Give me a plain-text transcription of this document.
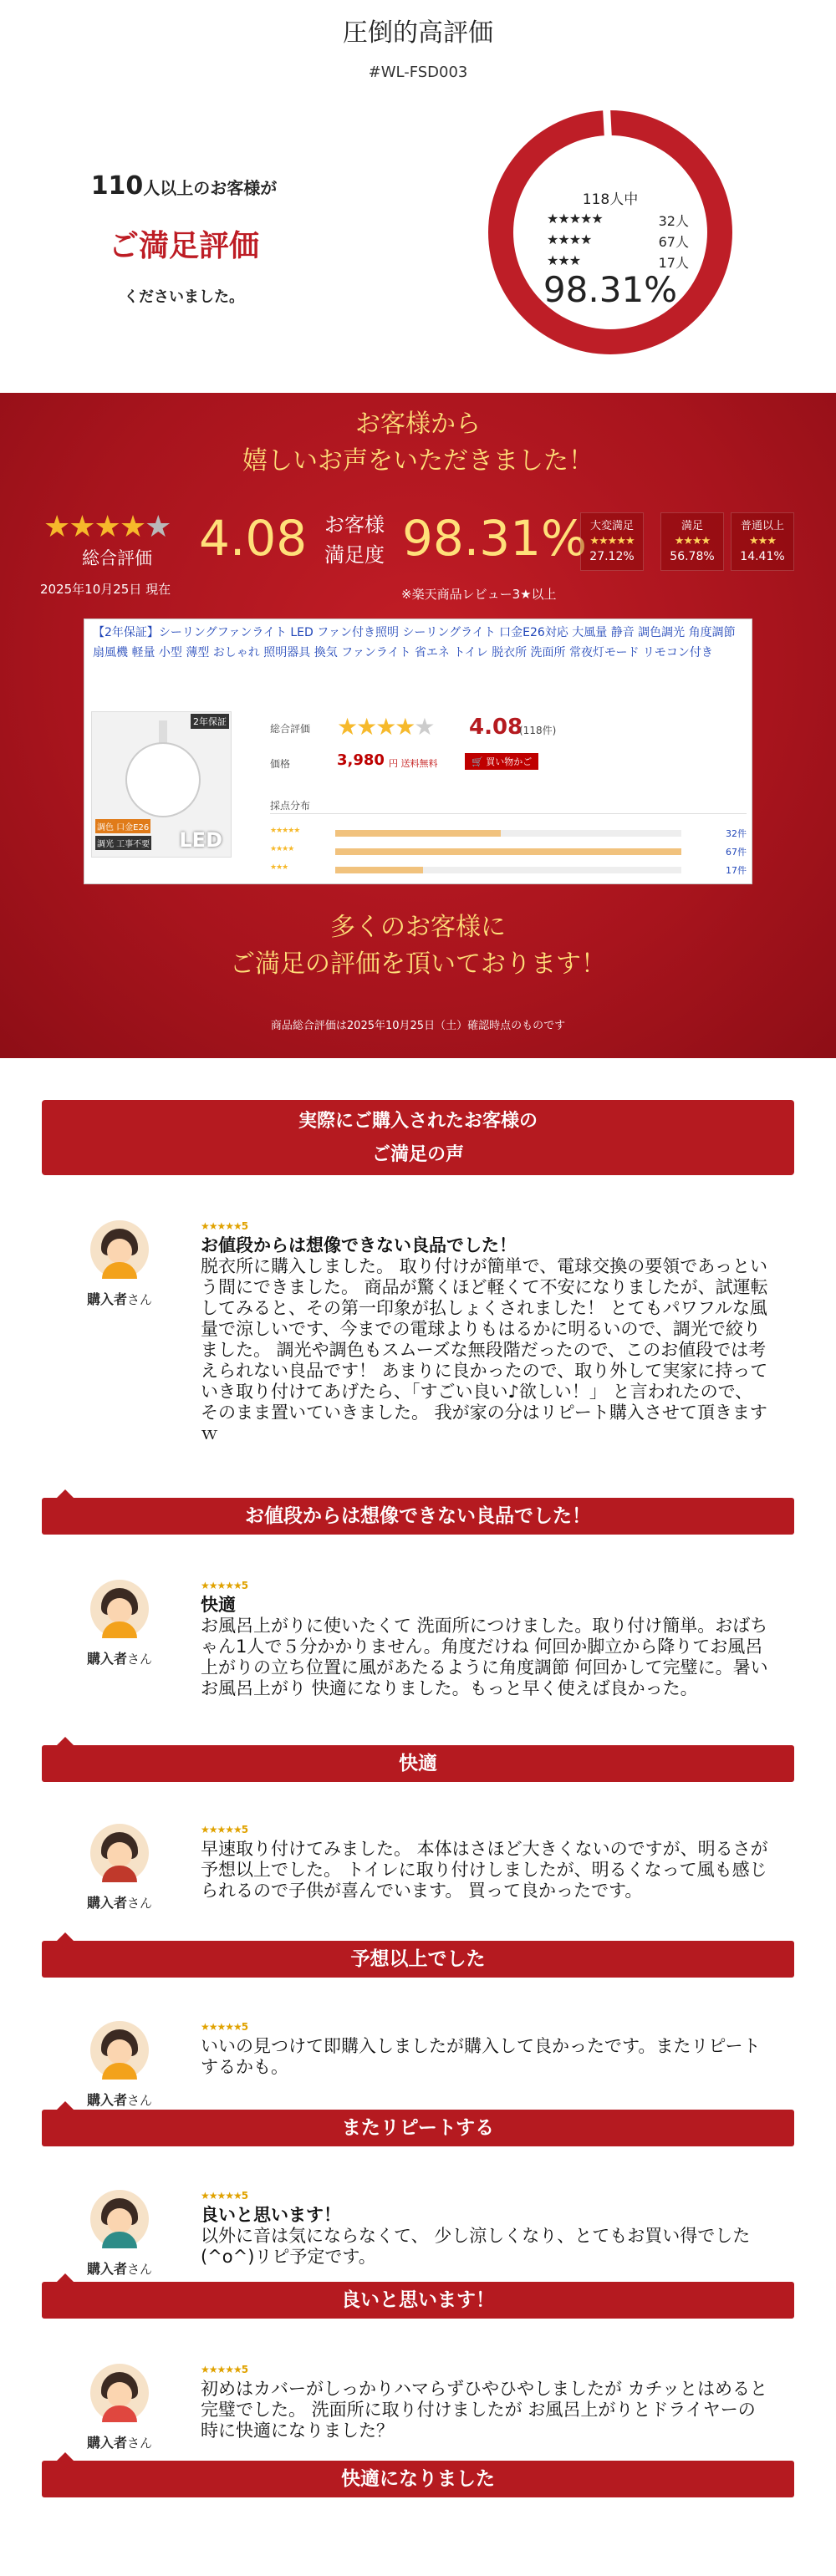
圧倒的高評価
#WL-FSD003
110人以上のお客様が
ご満足評価
くださいました。
118人中
★★★★★	32人
★★★★	67人
★★★	17人
98.31%
お客様から
嬉しいお声をいただきました！
★★★★★
総合評価
2025年10月25日 現在
4.08 お客様
満足度 98.31%
※楽天商品レビュー3★以上
大変満足
★★★★★
27.12%
満足
★★★★
56.78%
普通以上
★★★
14.41%
【2年保証】シーリングファンライト LED ファン付き照明 シーリングライト 口金E26対応 大風量 静音 調色調光 角度調節 扇風機 軽量 小型 薄型 おしゃれ 照明器具 換気 ファンライト 省エネ トイレ 脱衣所 洗面所 常夜灯モード リモコン付き
2年保証
調色 口金E26
調光 工事不要 LED
総合評価 ★★★★★ 4.08
(118件)
価格	3,980 円 送料無料	🛒 買い物かご
採点分布
★★★★★	32件
★★★★	67件
★★★	17件
多くのお客様に
ご満足の評価を頂いております！
商品総合評価は2025年10月25日（土）確認時点のものです
実際にご購入されたお客様の
ご満足の声
購入者さん
★★★★★5
お値段からは想像できない良品でした！
脱衣所に購入しました。 取り付けが簡単で、電球交換の要領であっという間にできました。 商品が驚くほど軽くて不安になりましたが、試運転してみると、その第一印象が払しょくされました！ とてもパワフルな風量で涼しいです、今までの電球よりもはるかに明るいので、調光で絞りました。 調光や調色もスムーズな無段階だったので、このお値段では考えられない良品です！ あまりに良かったので、取り外して実家に持っていき取り付けてあげたら、「すごい良い♪欲しい！」 と言われたので、そのまま置いていきました。 我が家の分はリピート購入させて頂きますｗ
お値段からは想像できない良品でした！
購入者さん
★★★★★5
快適
お風呂上がりに使いたくて 洗面所につけました。取り付け簡単。おばちゃん1人で５分かかりません。角度だけね 何回か脚立から降りてお風呂上がりの立ち位置に風があたるように角度調節 何回かして完璧に。暑いお風呂上がり 快適になりました。もっと早く使えば良かった。
快適
購入者さん
★★★★★5
早速取り付けてみました。 本体はさほど大きくないのですが、明るさが予想以上でした。 トイレに取り付けしましたが、明るくなって風も感じられるので子供が喜んでいます。 買って良かったです。
予想以上でした
購入者さん
★★★★★5
いいの見つけて即購入しましたが購入して良かったです。またリピートするかも。
またリピートする
購入者さん
★★★★★5
良いと思います！
以外に音は気にならなくて、 少し涼しくなり、とてもお買い得でした(^o^)リピ予定です。
良いと思います！
購入者さん
★★★★★5
初めはカバーがしっかりハマらずひやひやしましたが カチッとはめると完璧でした。 洗面所に取り付けましたが お風呂上がりとドライヤーの時に快適になりました？
快適になりました
